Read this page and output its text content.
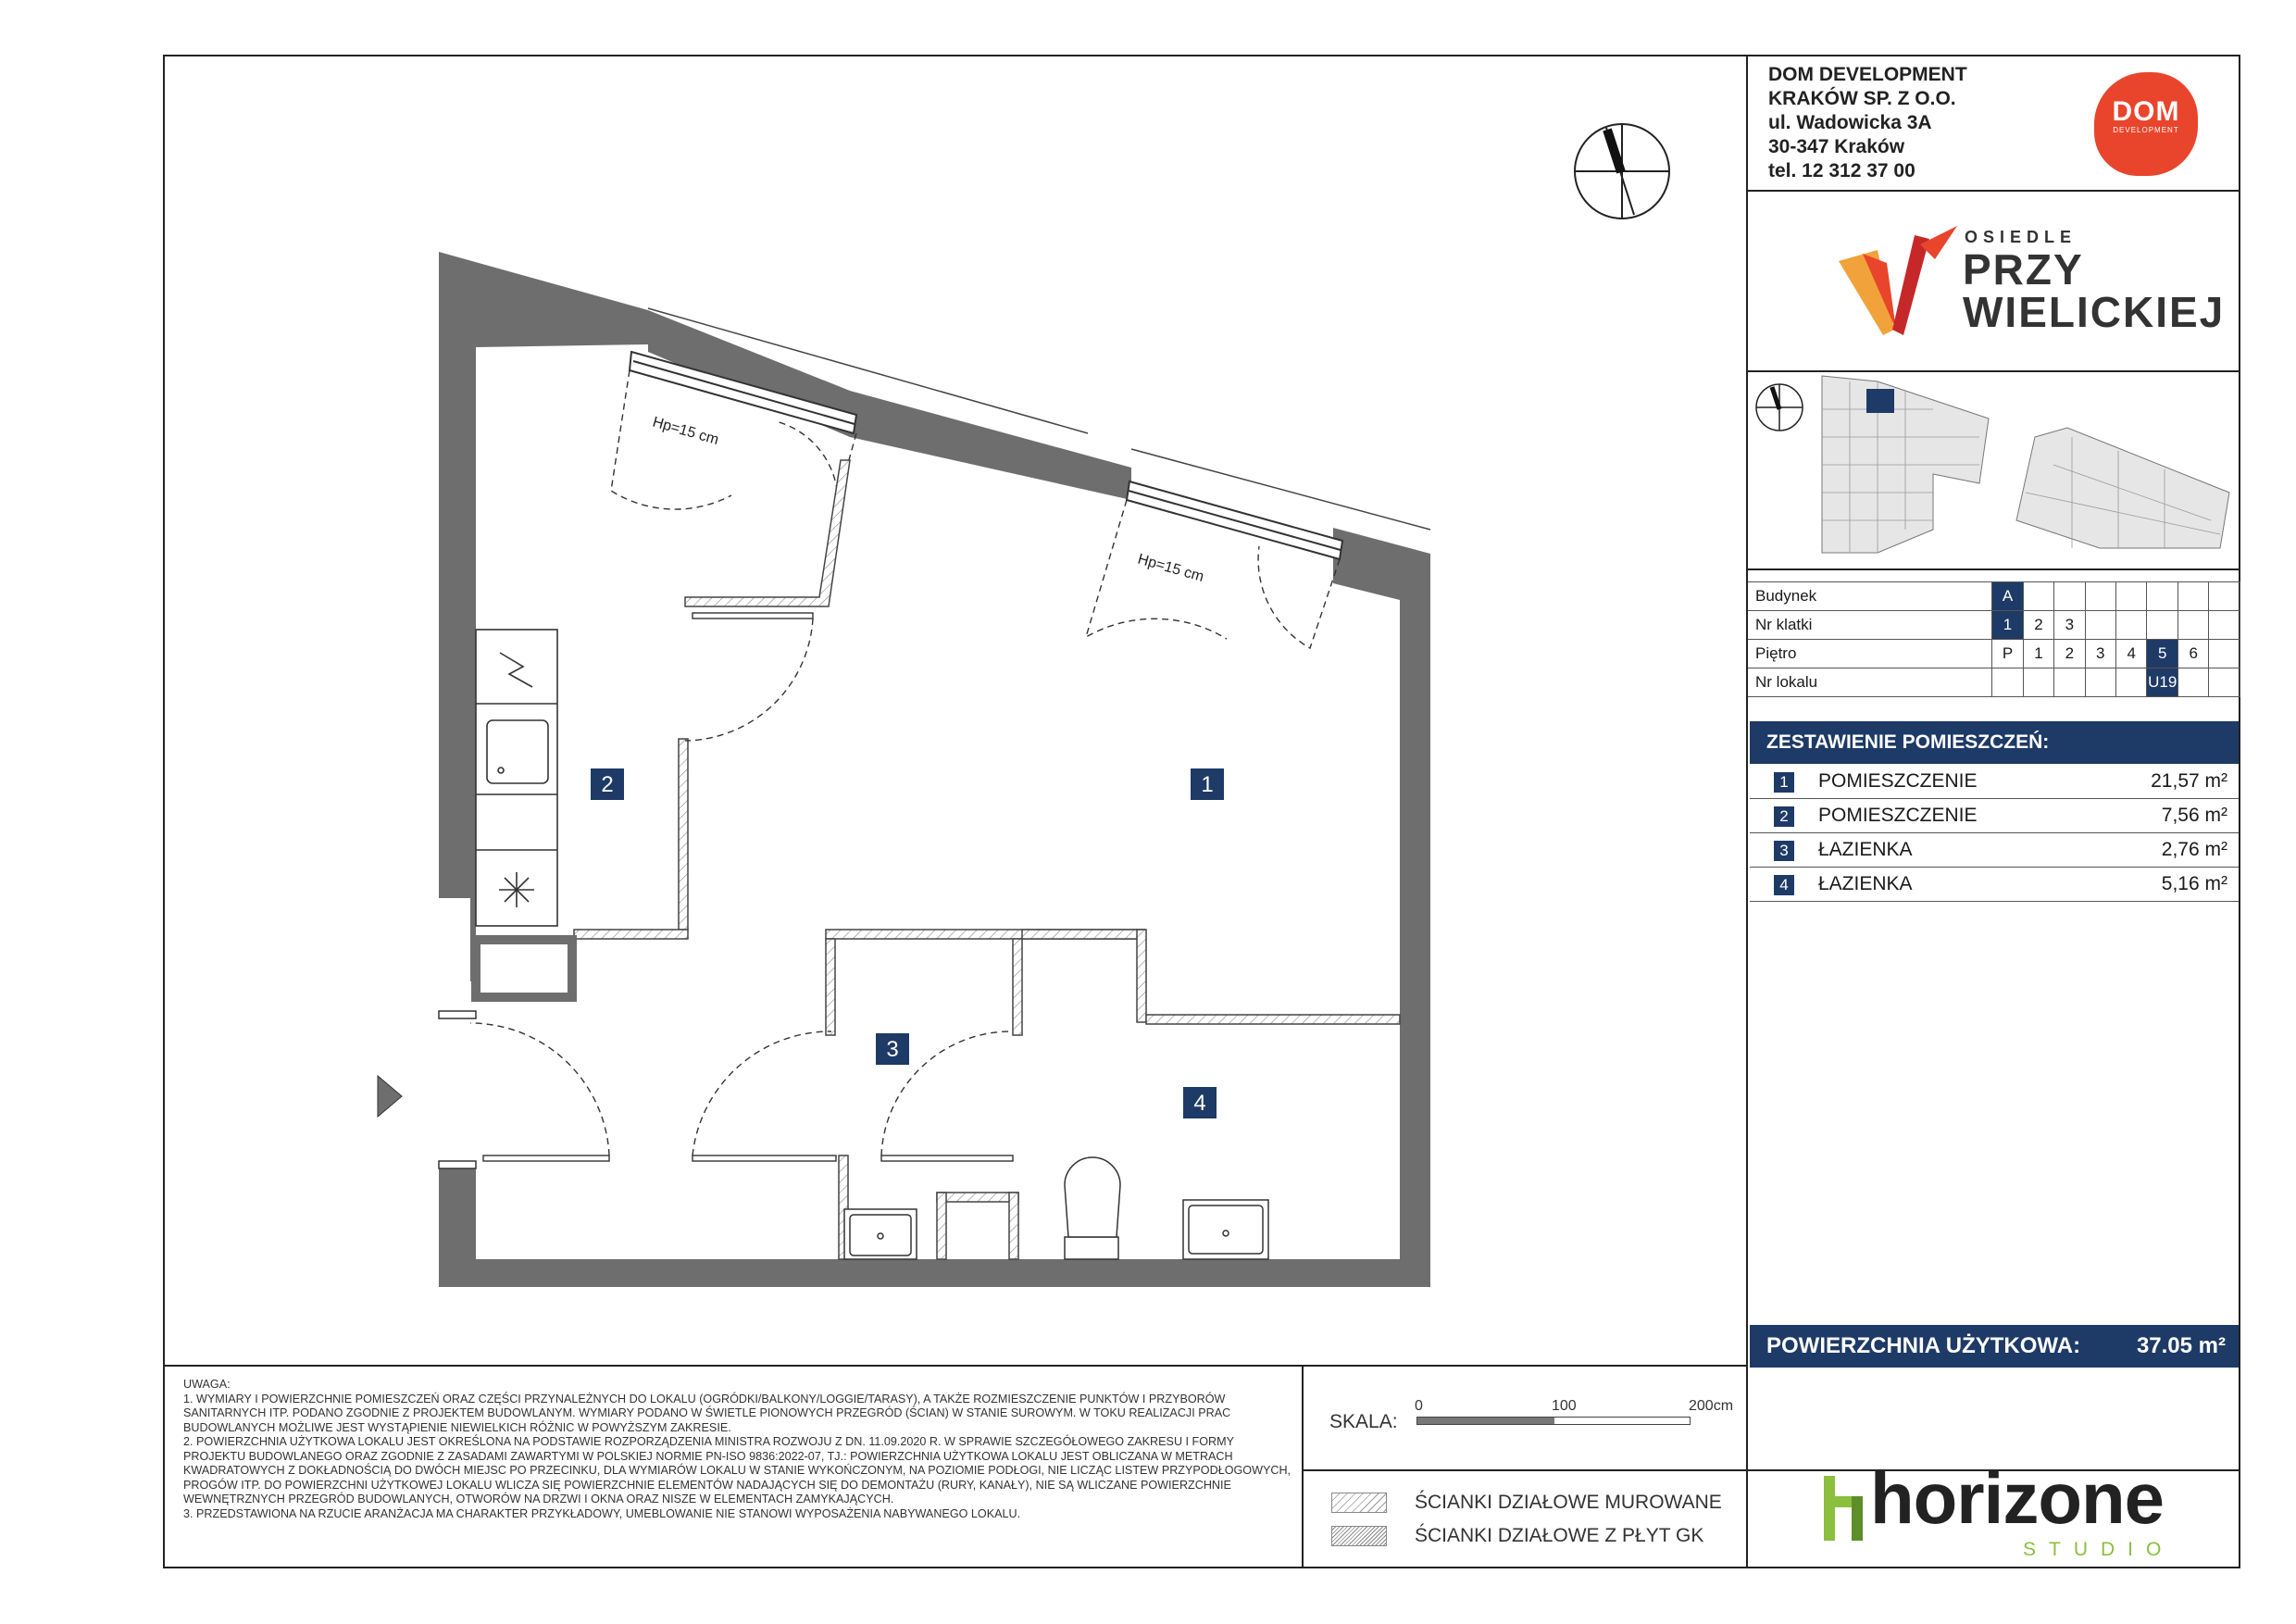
Hp=15 cm
Hp=15 cm
1
2
3
4
DOM DEVELOPMENT
KRAKÓW SP. Z O.O.
ul. Wadowicka 3A
30-347 Kraków
tel. 12 312 37 00
DOM
DEVELOPMENT
OSIEDLE
PRZY
WIELICKIEJ
Budynek	A							
Nr klatki	1	2	3					
Piętro	P	1	2	3	4	5	6	
Nr lokalu						U19		
ZESTAWIENIE POMIESZCZEŃ:
1 POMIESZCZENIE	21,57 m²
2 POMIESZCZENIE	7,56 m²
3 ŁAZIENKA	2,76 m²
4 ŁAZIENKA	5,16 m²
POWIERZCHNIA UŻYTKOWA:	37.05 m²

UWAGA:

1. WYMIARY I POWIERZCHNIE POMIESZCZEŃ ORAZ CZĘŚCI PRZYNALEŻNYCH DO LOKALU (OGRÓDKI/BALKONY/LOGGIE/TARASY), A TAKŻE ROZMIESZCZENIE PUNKTÓW I PRZYBORÓW SANITARNYCH ITP. PODANO ZGODNIE Z PROJEKTEM BUDOWLANYM. WYMIARY PODANO W ŚWIETLE PIONOWYCH PRZEGRÓD (ŚCIAN) W STANIE SUROWYM. W TOKU REALIZACJI PRAC BUDOWLANYCH MOŻLIWE JEST WYSTĄPIENIE NIEWIELKICH RÓŻNIC W POWYŻSZYM ZAKRESIE.

2. POWIERZCHNIA UŻYTKOWA LOKALU JEST OKREŚLONA NA PODSTAWIE ROZPORZĄDZENIA MINISTRA ROZWOJU Z DN. 11.09.2020 R. W SPRAWIE SZCZEGÓŁOWEGO ZAKRESU I FORMY PROJEKTU BUDOWLANEGO ORAZ ZGODNIE Z ZASADAMI ZAWARTYMI W POLSKIEJ NORMIE PN-ISO 9836:2022-07, TJ.: POWIERZCHNIA UŻYTKOWA LOKALU JEST OBLICZANA W METRACH KWADRATOWYCH Z DOKŁADNOŚCIĄ DO DWÓCH MIEJSC PO PRZECINKU, DLA WYMIARÓW LOKALU W STANIE WYKOŃCZONYM, NA POZIOMIE PODŁOGI, NIE LICZĄC LISTEW PRZYPODŁOGOWYCH, PROGÓW ITP. DO POWIERZCHNI UŻYTKOWEJ LOKALU WLICZA SIĘ POWIERZCHNIE ELEMENTÓW NADAJĄCYCH SIĘ DO DEMONTAŻU (RURY, KANAŁY), NIE SĄ WLICZANE POWIERZCHNIE WEWNĘTRZNYCH PRZEGRÓD BUDOWLANYCH, OTWORÓW NA DRZWI I OKNA ORAZ NISZE W ELEMENTACH ZAMYKAJĄCYCH.

3. PRZEDSTAWIONA NA RZUCIE ARANŻACJA MA CHARAKTER PRZYKŁADOWY, UMEBLOWANIE NIE STANOWI WYPOSAŻENIA NABYWANEGO LOKALU.

SKALA:
0	100	200cm
ŚCIANKI DZIAŁOWE MUROWANE
ŚCIANKI DZIAŁOWE Z PŁYT GK horizone
STUDIO
